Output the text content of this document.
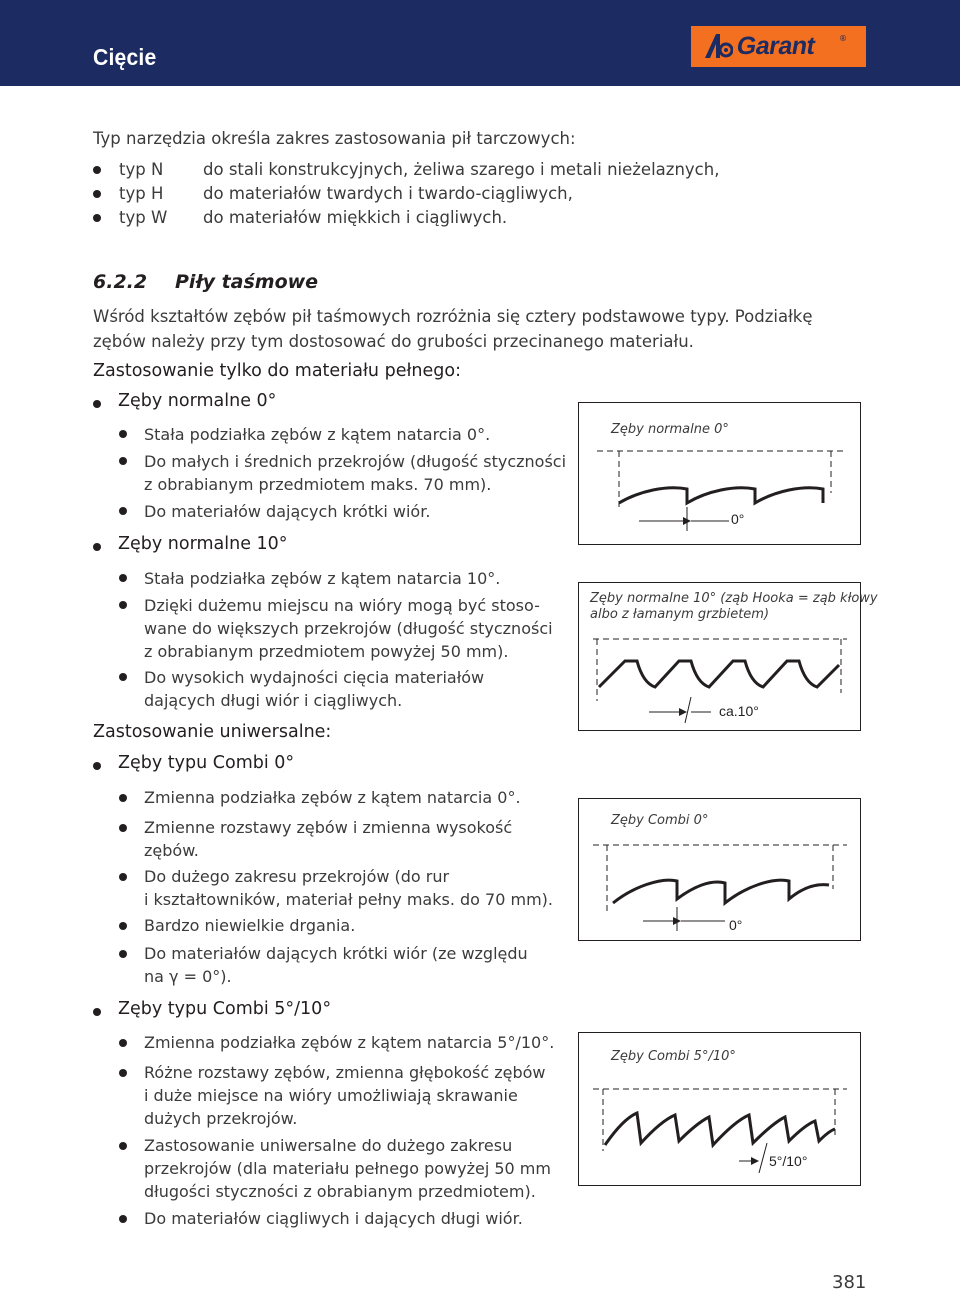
Cięcie	Garant	®
Typ narzędzia określa zakres zastosowania pił tarczowych:
typ N do stali konstrukcyjnych, żeliwa szarego i metali nieżelaznych,
typ H do materiałów twardych i twardo-ciągliwych,
typ W do materiałów miękkich i ciągliwych.
6.2.2 Piły taśmowe
Wśród kształtów zębów pił taśmowych rozróżnia się cztery podstawowe typy. Podziałkę
zębów należy przy tym dostosować do grubości przecinanego materiału.
Zastosowanie tylko do materiału pełnego:
Zęby normalne 0°
Stała podziałka zębów z kątem natarcia 0°.
Do małych i średnich przekrojów (długość styczności
z obrabianym przedmiotem maks. 70 mm).
Do materiałów dających krótki wiór.
Zęby normalne 10°
Stała podziałka zębów z kątem natarcia 10°.
Dzięki dużemu miejscu na wióry mogą być stoso-
wane do większych przekrojów (długość styczności
z obrabianym przedmiotem powyżej 50 mm).
Do wysokich wydajności cięcia materiałów
dających długi wiór i ciągliwych.
Zastosowanie uniwersalne:
Zęby typu Combi 0°
Zmienna podziałka zębów z kątem natarcia 0°.
Zmienne rozstawy zębów i zmienna wysokość
zębów.
Do dużego zakresu przekrojów (do rur
i kształtowników, materiał pełny maks. do 70 mm).
Bardzo niewielkie drgania.
Do materiałów dających krótki wiór (ze względu
na γ = 0°).
Zęby typu Combi 5°/10°
Zmienna podziałka zębów z kątem natarcia 5°/10°.
Różne rozstawy zębów, zmienna głębokość zębów
i duże miejsce na wióry umożliwiają skrawanie
dużych przekrojów.
Zastosowanie uniwersalne do dużego zakresu
przekrojów (dla materiału pełnego powyżej 50 mm
długości styczności z obrabianym przedmiotem).
Do materiałów ciągliwych i dających długi wiór.
Zęby normalne 0°
0°
Zęby normalne 10° (ząb Hooka = ząb kłowy
albo z łamanym grzbietem)
ca.10°
Zęby Combi 0°
0°
Zęby Combi 5°/10°
5°/10°
381
